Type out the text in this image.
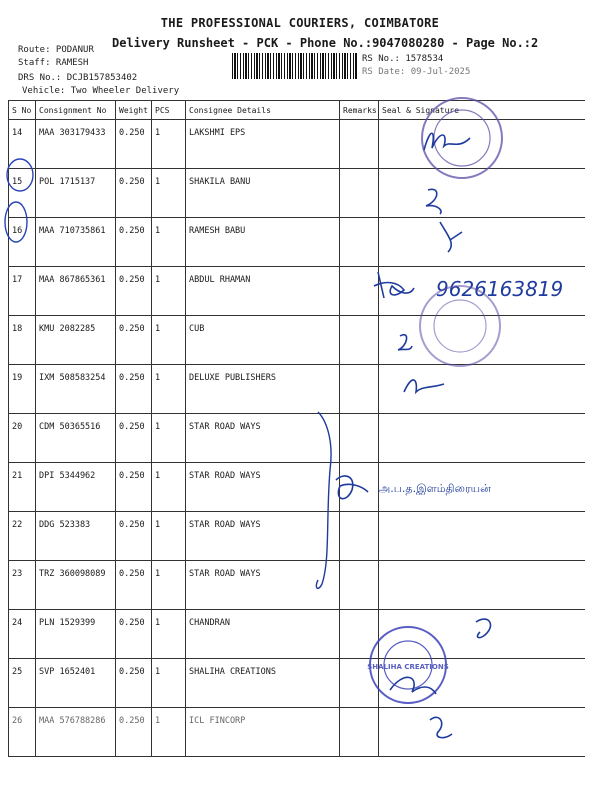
THE PROFESSIONAL COURIERS, COIMBATORE
Delivery Runsheet - PCK - Phone No.:9047080280 - Page No.:2
Route: PODANUR
Staff: RAMESH
DRS No.: DCJB157853402
Vehicle: Two Wheeler Delivery
RS No.: 1578534
RS Date: 09-Jul-2025
S No	Consignment No	Weight	PCS	Consignee Details	Remarks	Seal & Signature
14	MAA 303179433	0.250	1	LAKSHMI EPS		
15	POL 1715137	0.250	1	SHAKILA BANU		
16	MAA 710735861	0.250	1	RAMESH BABU		
17	MAA 867865361	0.250	1	ABDUL RHAMAN		
18	KMU 2082285	0.250	1	CUB		
19	IXM 508583254	0.250	1	DELUXE PUBLISHERS		
20	CDM 50365516	0.250	1	STAR ROAD WAYS		
21	DPI 5344962	0.250	1	STAR ROAD WAYS		
22	DDG 523383	0.250	1	STAR ROAD WAYS		
23	TRZ 360098089	0.250	1	STAR ROAD WAYS		
24	PLN 1529399	0.250	1	CHANDRAN		
25	SVP 1652401	0.250	1	SHALIHA CREATIONS		
26	MAA 576788286	0.250	1	ICL FINCORP		
9626163819
அ.ப.த.இளம்திரையன்
SHALIHA CREATIONS
